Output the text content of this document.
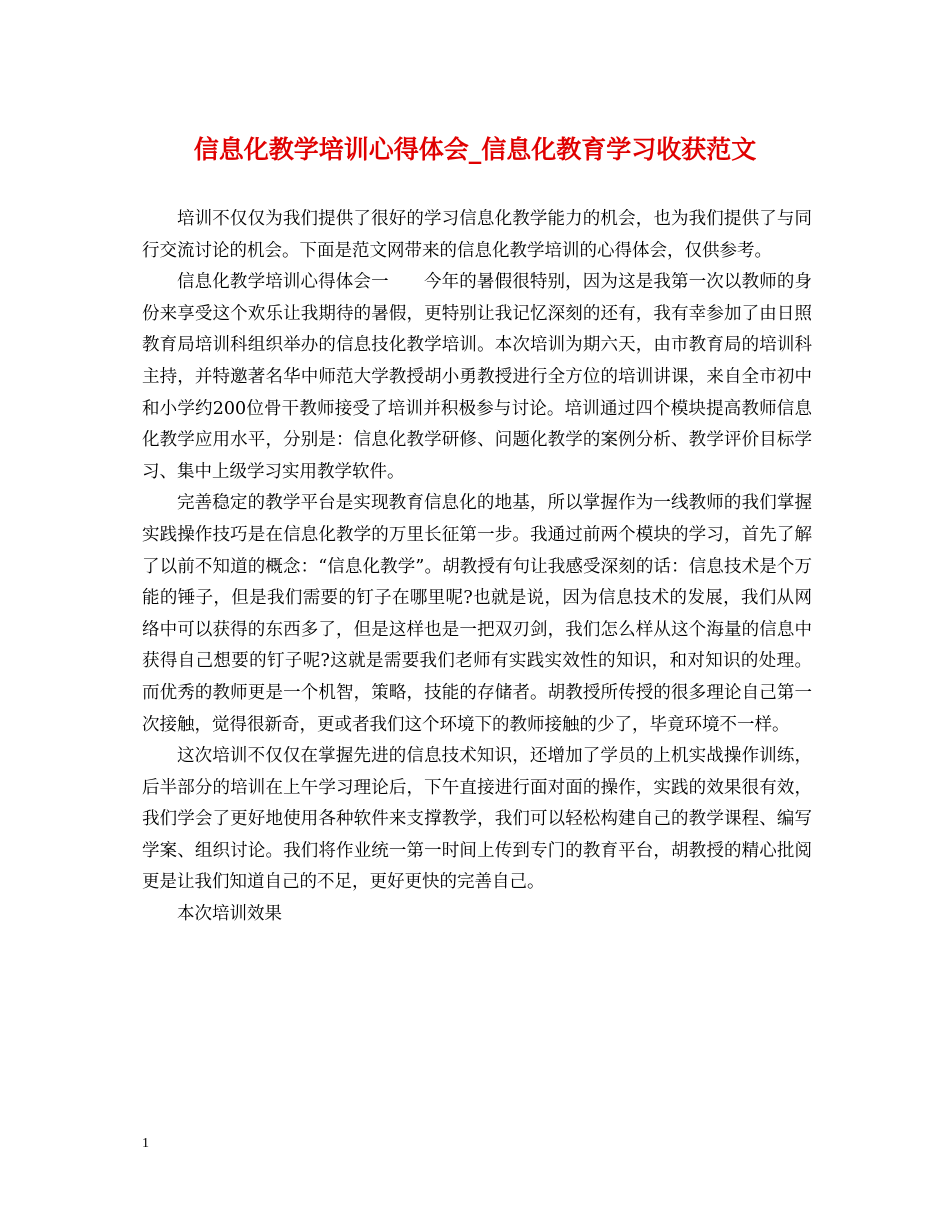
信息化教学培训心得体会_信息化教育学习收获范文

培训不仅仅为我们提供了很好的学习信息化教学能力的机会，也为我们提供了与同行交流讨论的机会。下面是范文网带来的信息化教学培训的心得体会，仅供参考。

信息化教学培训心得体会一　　今年的暑假很特别，因为这是我第一次以教师的身份来享受这个欢乐让我期待的暑假，更特别让我记忆深刻的还有，我有幸参加了由日照教育局培训科组织举办的信息技化教学培训。本次培训为期六天，由市教育局的培训科主持，并特邀著名华中师范大学教授胡小勇教授进行全方位的培训讲课，来自全市初中和小学约200位骨干教师接受了培训并积极参与讨论。培训通过四个模块提高教师信息化教学应用水平，分别是：信息化教学研修、问题化教学的案例分析、教学评价目标学习、集中上级学习实用教学软件。

完善稳定的教学平台是实现教育信息化的地基，所以掌握作为一线教师的我们掌握实践操作技巧是在信息化教学的万里长征第一步。我通过前两个模块的学习，首先了解了以前不知道的概念：“信息化教学”。胡教授有句让我感受深刻的话：信息技术是个万能的锤子，但是我们需要的钉子在哪里呢?也就是说，因为信息技术的发展，我们从网络中可以获得的东西多了，但是这样也是一把双刃剑，我们怎么样从这个海量的信息中获得自己想要的钉子呢?这就是需要我们老师有实践实效性的知识，和对知识的处理。而优秀的教师更是一个机智，策略，技能的存储者。胡教授所传授的很多理论自己第一次接触，觉得很新奇，更或者我们这个环境下的教师接触的少了，毕竟环境不一样。

这次培训不仅仅在掌握先进的信息技术知识，还增加了学员的上机实战操作训练，后半部分的培训在上午学习理论后，下午直接进行面对面的操作，实践的效果很有效，我们学会了更好地使用各种软件来支撑教学，我们可以轻松构建自己的教学课程、编写学案、组织讨论。我们将作业统一第一时间上传到专门的教育平台，胡教授的精心批阅更是让我们知道自己的不足，更好更快的完善自己。

本次培训效果

1
